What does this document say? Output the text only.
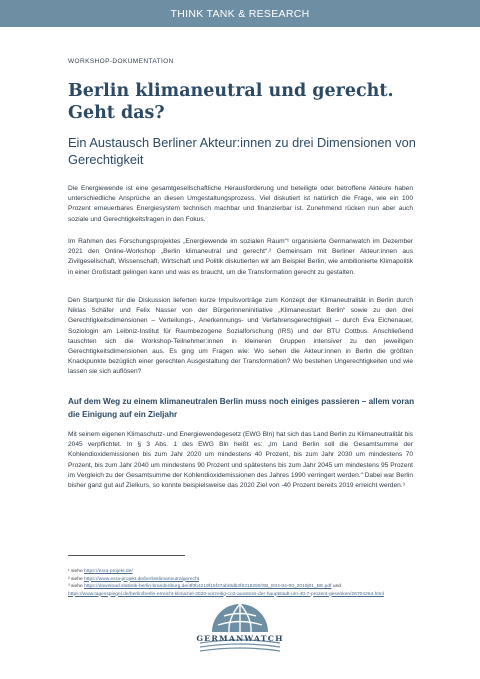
THINK TANK & RESEARCH
WORKSHOP-DOKUMENTATION
Berlin klimaneutral und gerecht. Geht das?
Ein Austausch Berliner Akteur:innen zu drei Dimensionen von Gerechtigkeit

Die Energiewende ist eine gesamtgesellschaftliche Herausforderung und beteiligte oder betroffene Akteure haben unterschiedliche Ansprüche an diesen Umgestaltungsprozess. Viel diskutiert ist natürlich die Frage, wie ein 100 Prozent erneuerbares Energiesystem technisch machbar und finanzierbar ist. Zunehmend rücken nun aber auch soziale und Gerechtigkeitsfragen in den Fokus.

Im Rahmen des Forschungsprojektes „Energiewende im sozialen Raum“¹ organisierte Germanwatch im Dezember 2021 den Online-Workshop „Berlin klimaneutral und gerecht“.² Gemeinsam mit Berliner Akteur:innen aus Zivilgesellschaft, Wissenschaft, Wirtschaft und Politik diskutierten wir am Beispiel Berlin, wie ambitionierte Klimapolitik in einer Großstadt gelingen kann und was es braucht, um die Transformation gerecht zu gestalten.

Den Startpunkt für die Diskussion lieferten kurze Impulsvorträge zum Konzept der Klimaneutralität in Berlin durch Niklas Schäfer und Felix Nasser von der Bürgerinneninitiative „Klimaneustart Berlin“ sowie zu den drei Gerechtigkeitsdimensionen – Verteilungs-, Anerkennungs- und Verfahrensgerechtigkeit – durch Eva Eichenauer, Soziologin am Leibniz-Institut für Raumbezogene Sozialforschung (IRS) und der BTU Cottbus. Anschließend tauschten sich die Workshop-Teilnehmer:innen in kleineren Gruppen intensiver zu den jeweiligen Gerechtigkeitsdimensionen aus. Es ging um Fragen wie: Wo sehen die Akteur:innen in Berlin die größten Knackpunkte bezüglich einer gerechten Ausgestaltung der Transformation? Wo bestehen Ungerechtigkeiten und wie lassen sie sich auflösen?

Auf dem Weg zu einem klimaneutralen Berlin muss noch einiges passieren – allem voran die Einigung auf ein Zieljahr

Mit seinem eigenen Klimaschutz- und Energiewendegesetz (EWG Bln) hat sich das Land Berlin zu Klimaneutralität bis 2045 verpflichtet. In § 3 Abs. 1 des EWG Bln heißt es: „Im Land Berlin soll die Gesamtsumme der Kohlendioxidemissionen bis zum Jahr 2020 um mindestens 40 Prozent, bis zum Jahr 2030 um mindestens 70 Prozent, bis zum Jahr 2040 um mindestens 90 Prozent und spätestens bis zum Jahr 2045 um mindestens 95 Prozent im Vergleich zu der Gesamtsumme der Kohlendioxidemissionen des Jahres 1990 verringert werden.“ Dabei war Berlin bisher ganz gut auf Zielkurs, so konnte beispielsweise das 2020 Ziel von -40 Prozent bereits 2019 erreicht werden.³

¹ siehe https://esra-projekt.de/

² siehe https://www.esra-projekt.de/berlinklimaneutralgerecht

³ siehe https://download.statistik-berlin-brandenburg.de/4f0b4219f15f37ab/8db2f6318250/SB_E04-04-00_2019j01_BE.pdf und https://www.tagesspiegel.de/berlin/berlin-erreicht-klimaziel-2020-vorzeitig-co2-ausstoss-der-hauptstadt-um-40-7-prozent-gesenken/26704264.html

GERMANWATCH
